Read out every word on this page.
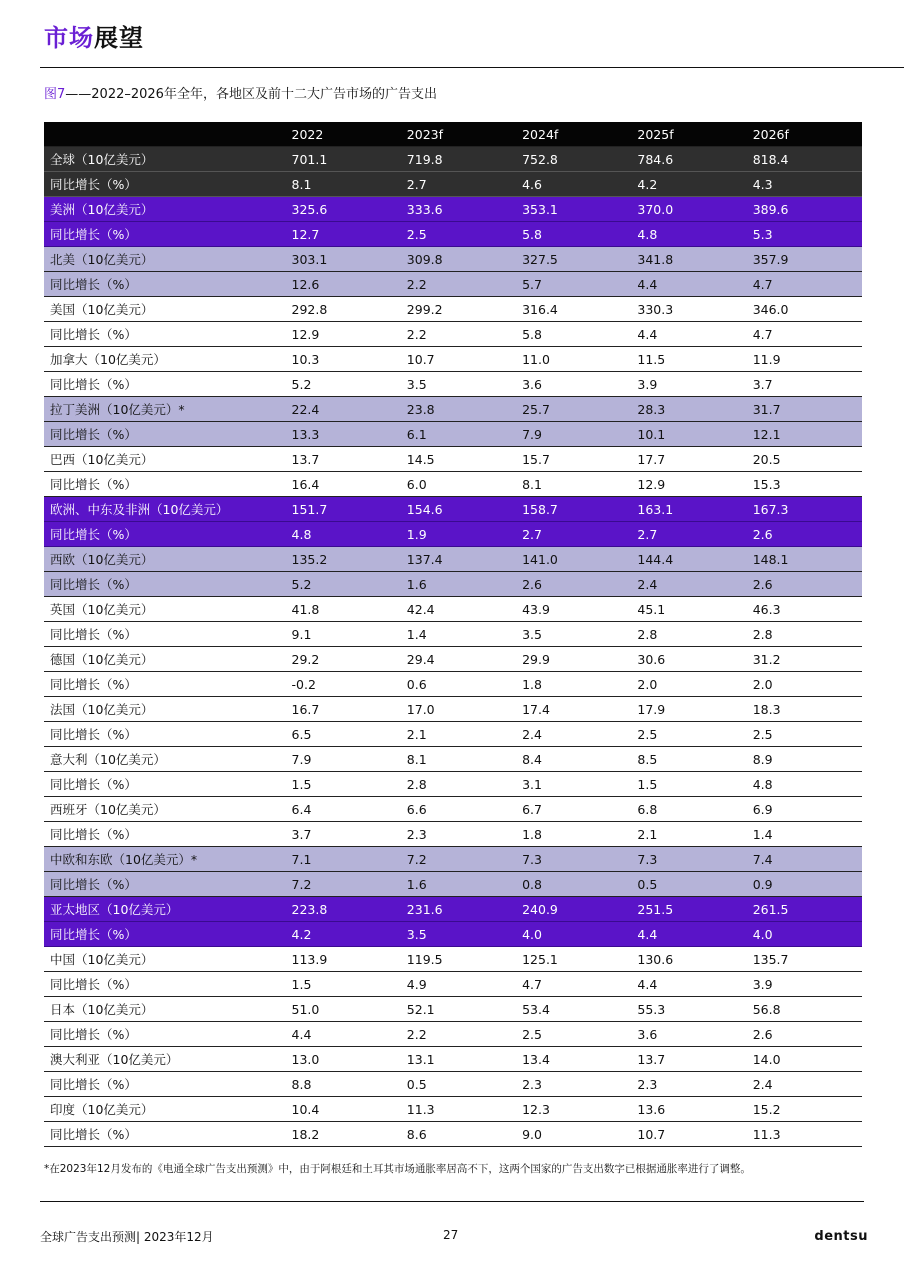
市场展望
图7——2022–2026年全年，各地区及前十二大广告市场的广告支出
	2022	2023f	2024f	2025f	2026f
全球（10亿美元）	701.1	719.8	752.8	784.6	818.4
同比增长（%）	8.1	2.7	4.6	4.2	4.3
美洲（10亿美元）	325.6	333.6	353.1	370.0	389.6
同比增长（%）	12.7	2.5	5.8	4.8	5.3
北美（10亿美元）	303.1	309.8	327.5	341.8	357.9
同比增长（%）	12.6	2.2	5.7	4.4	4.7
美国（10亿美元）	292.8	299.2	316.4	330.3	346.0
同比增长（%）	12.9	2.2	5.8	4.4	4.7
加拿大（10亿美元）	10.3	10.7	11.0	11.5	11.9
同比增长（%）	5.2	3.5	3.6	3.9	3.7
拉丁美洲（10亿美元）*	22.4	23.8	25.7	28.3	31.7
同比增长（%）	13.3	6.1	7.9	10.1	12.1
巴西（10亿美元）	13.7	14.5	15.7	17.7	20.5
同比增长（%）	16.4	6.0	8.1	12.9	15.3
欧洲、中东及非洲（10亿美元）	151.7	154.6	158.7	163.1	167.3
同比增长（%）	4.8	1.9	2.7	2.7	2.6
西欧（10亿美元）	135.2	137.4	141.0	144.4	148.1
同比增长（%）	5.2	1.6	2.6	2.4	2.6
英国（10亿美元）	41.8	42.4	43.9	45.1	46.3
同比增长（%）	9.1	1.4	3.5	2.8	2.8
德国（10亿美元）	29.2	29.4	29.9	30.6	31.2
同比增长（%）	-0.2	0.6	1.8	2.0	2.0
法国（10亿美元）	16.7	17.0	17.4	17.9	18.3
同比增长（%）	6.5	2.1	2.4	2.5	2.5
意大利（10亿美元）	7.9	8.1	8.4	8.5	8.9
同比增长（%）	1.5	2.8	3.1	1.5	4.8
西班牙（10亿美元）	6.4	6.6	6.7	6.8	6.9
同比增长（%）	3.7	2.3	1.8	2.1	1.4
中欧和东欧（10亿美元）*	7.1	7.2	7.3	7.3	7.4
同比增长（%）	7.2	1.6	0.8	0.5	0.9
亚太地区（10亿美元）	223.8	231.6	240.9	251.5	261.5
同比增长（%）	4.2	3.5	4.0	4.4	4.0
中国（10亿美元）	113.9	119.5	125.1	130.6	135.7
同比增长（%）	1.5	4.9	4.7	4.4	3.9
日本（10亿美元）	51.0	52.1	53.4	55.3	56.8
同比增长（%）	4.4	2.2	2.5	3.6	2.6
澳大利亚（10亿美元）	13.0	13.1	13.4	13.7	14.0
同比增长（%）	8.8	0.5	2.3	2.3	2.4
印度（10亿美元）	10.4	11.3	12.3	13.6	15.2
同比增长（%）	18.2	8.6	9.0	10.7	11.3
*在2023年12月发布的《电通全球广告支出预测》中，由于阿根廷和土耳其市场通胀率居高不下，这两个国家的广告支出数字已根据通胀率进行了调整。
全球广告支出预测| 2023年12月	27	dentsu
